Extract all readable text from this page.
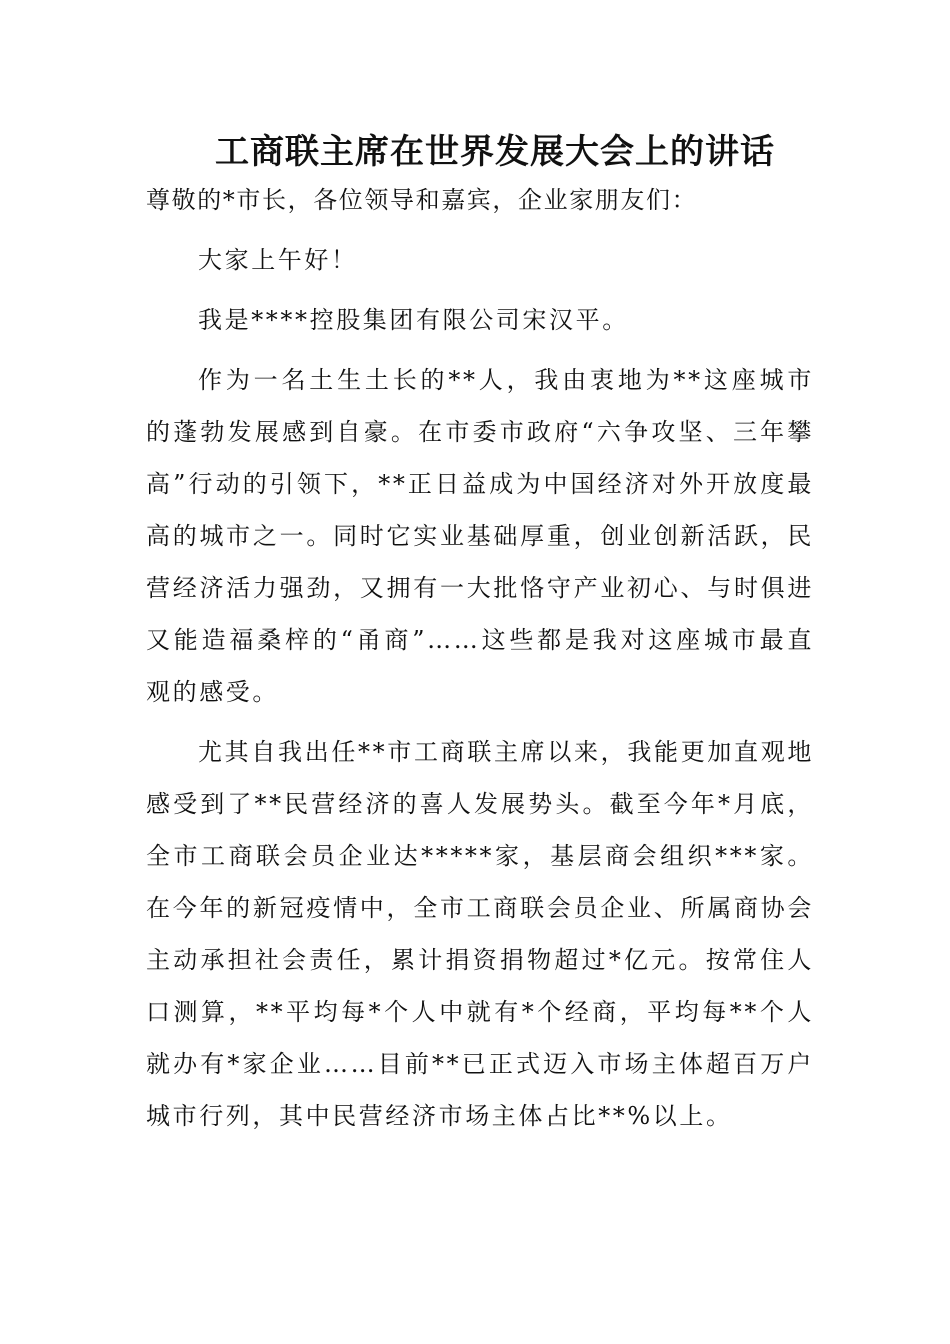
工商联主席在世界发展大会上的讲话

尊敬的*市长，各位领导和嘉宾，企业家朋友们：

大家上午好！

我是****控股集团有限公司宋汉平。

作为一名土生土长的**人，我由衷地为**这座城市的蓬勃发展感到自豪。在市委市政府“六争攻坚、三年攀高”行动的引领下，**正日益成为中国经济对外开放度最高的城市之一。同时它实业基础厚重，创业创新活跃，民营经济活力强劲，又拥有一大批恪守产业初心、与时俱进又能造福桑梓的“甬商”……这些都是我对这座城市最直观的感受。

尤其自我出任**市工商联主席以来，我能更加直观地感受到了**民营经济的喜人发展势头。截至今年*月底，全市工商联会员企业达*****家，基层商会组织***家。在今年的新冠疫情中，全市工商联会员企业、所属商协会主动承担社会责任，累计捐资捐物超过*亿元。按常住人口测算，**平均每*个人中就有*个经商，平均每**个人就办有*家企业……目前**已正式迈入市场主体超百万户城市行列，其中民营经济市场主体占比**%以上。
